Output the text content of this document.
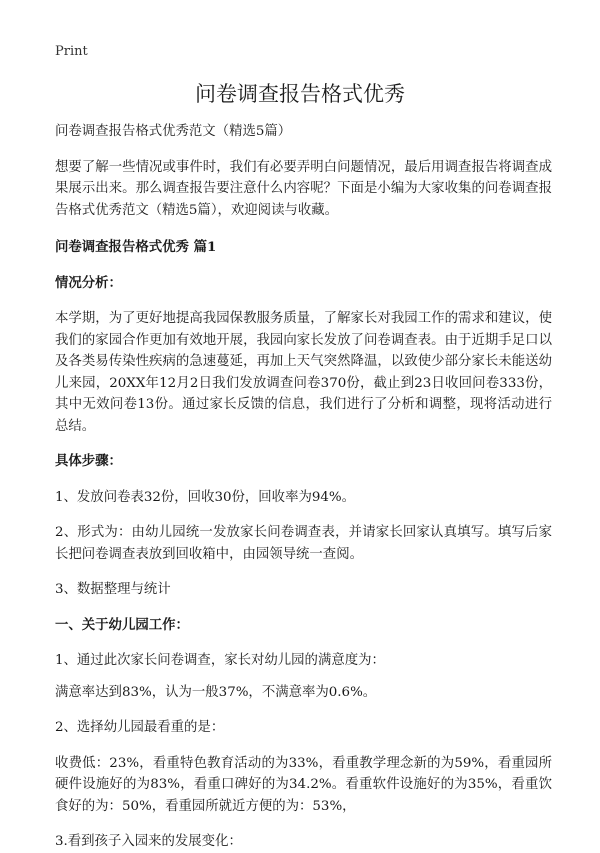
Print
问卷调查报告格式优秀

问卷调查报告格式优秀范文（精选5篇）

想要了解一些情况或事件时，我们有必要弄明白问题情况，最后用调查报告将调查成果展示出来。那么调查报告要注意什么内容呢？下面是小编为大家收集的问卷调查报告格式优秀范文（精选5篇），欢迎阅读与收藏。

问卷调查报告格式优秀 篇1

情况分析：

本学期，为了更好地提高我园保教服务质量，了解家长对我园工作的需求和建议，使我们的家园合作更加有效地开展，我园向家长发放了问卷调查表。由于近期手足口以及各类易传染性疾病的急速蔓延，再加上天气突然降温，以致使少部分家长未能送幼儿来园，20XX年12月2日我们发放调查问卷370份，截止到23日收回问卷333份，其中无效问卷13份。通过家长反馈的信息，我们进行了分析和调整，现将活动进行总结。

具体步骤：

1、发放问卷表32份，回收30份，回收率为94%。

2、形式为：由幼儿园统一发放家长问卷调查表，并请家长回家认真填写。填写后家长把问卷调查表放到回收箱中，由园领导统一查阅。

3、数据整理与统计

一、关于幼儿园工作：

1、通过此次家长问卷调查，家长对幼儿园的满意度为：

满意率达到83%，认为一般37%，不满意率为0.6%。

2、选择幼儿园最看重的是：

收费低：23%，看重特色教育活动的为33%，看重教学理念新的为59%，看重园所硬件设施好的为83%，看重口碑好的为34.2%。看重软件设施好的为35%，看重饮食好的为：50%，看重园所就近方便的为：53%，

3.看到孩子入园来的发展变化：
